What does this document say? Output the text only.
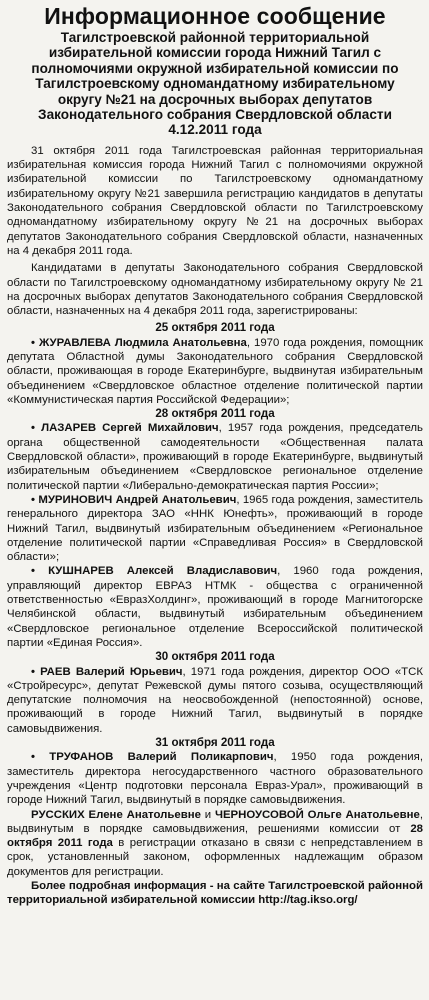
Информационное сообщение
Тагилстроевской районной территориальной избирательной комиссии города Нижний Тагил с полномочиями окружной избирательной комиссии по Тагилстроевскому одномандатному избирательному округу №21 на досрочных выборах депутатов Законодательного собрания Свердловской области 4.12.2011 года

31 октября 2011 года Тагилстроевская районная территориальная избирательная комиссия города Нижний Тагил с полномочиями окружной избирательной комиссии по Тагилстроевскому одномандатному избирательному округу №21 завершила регистрацию кандидатов в депутаты Законодательного собрания Свердловской области по Тагилстроевскому одномандатному избирательному округу №21 на досрочных выборах депутатов Законодательного собрания Свердловской области, назначенных на 4 декабря 2011 года.

Кандидатами в депутаты Законодательного собрания Свердловской области по Тагилстроевскому одномандатному избирательному округу № 21 на досрочных выборах депутатов Законодательного собрания Свердловской области, назначенных на 4 декабря 2011 года, зарегистрированы:

25 октября 2011 года

• ЖУРАВЛЕВА Людмила Анатольевна, 1970 года рождения, помощник депутата Областной думы Законодательного собрания Свердловской области, проживающая в городе Екатеринбурге, выдвинутая избирательным объединением «Свердловское областное отделение политической партии «Коммунистическая партия Российской Федерации»;

28 октября 2011 года

• ЛАЗАРЕВ Сергей Михайлович, 1957 года рождения, председатель органа общественной самодеятельности «Общественная палата Свердловской области», проживающий в городе Екатеринбурге, выдвинутый избирательным объединением «Свердловское региональное отделение политической партии «Либерально-демократическая партия России»;

• МУРИНОВИЧ Андрей Анатольевич, 1965 года рождения, заместитель генерального директора ЗАО «ННК Юнефть», проживающий в городе Нижний Тагил, выдвинутый избирательным объединением «Региональное отделение политической партии «Справедливая Россия» в Свердловской области»;

• КУШНАРЕВ Алексей Владиславович, 1960 года рождения, управляющий директор ЕВРАЗ НТМК - общества с ограниченной ответственностью «ЕвразХолдинг», проживающий в городе Магнитогорске Челябинской области, выдвинутый избирательным объединением «Свердловское региональное отделение Всероссийской политической партии «Единая Россия».

30 октября 2011 года

• РАЕВ Валерий Юрьевич, 1971 года рождения, директор ООО «ТСК «Стройресурс», депутат Режевской думы пятого созыва, осуществляющий депутатские полномочия на неосвобожденной (непостоянной) основе, проживающий в городе Нижний Тагил, выдвинутый в порядке самовыдвижения.

31 октября 2011 года

• ТРУФАНОВ Валерий Поликарпович, 1950 года рождения, заместитель директора негосударственного частного образовательного учреждения «Центр подготовки персонала Евраз-Урал», проживающий в городе Нижний Тагил, выдвинутый в порядке самовыдвижения.

РУССКИХ Елене Анатольевне и ЧЕРНОУСОВОЙ Ольге Анатольевне, выдвинутым в порядке самовыдвижения, решениями комиссии от 28 октября 2011 года в регистрации отказано в связи с непредставлением в срок, установленный законом, оформленных надлежащим образом документов для регистрации.

Более подробная информация - на сайте Тагилстроевской районной территориальной избирательной комиссии http://tag.ikso.org/
